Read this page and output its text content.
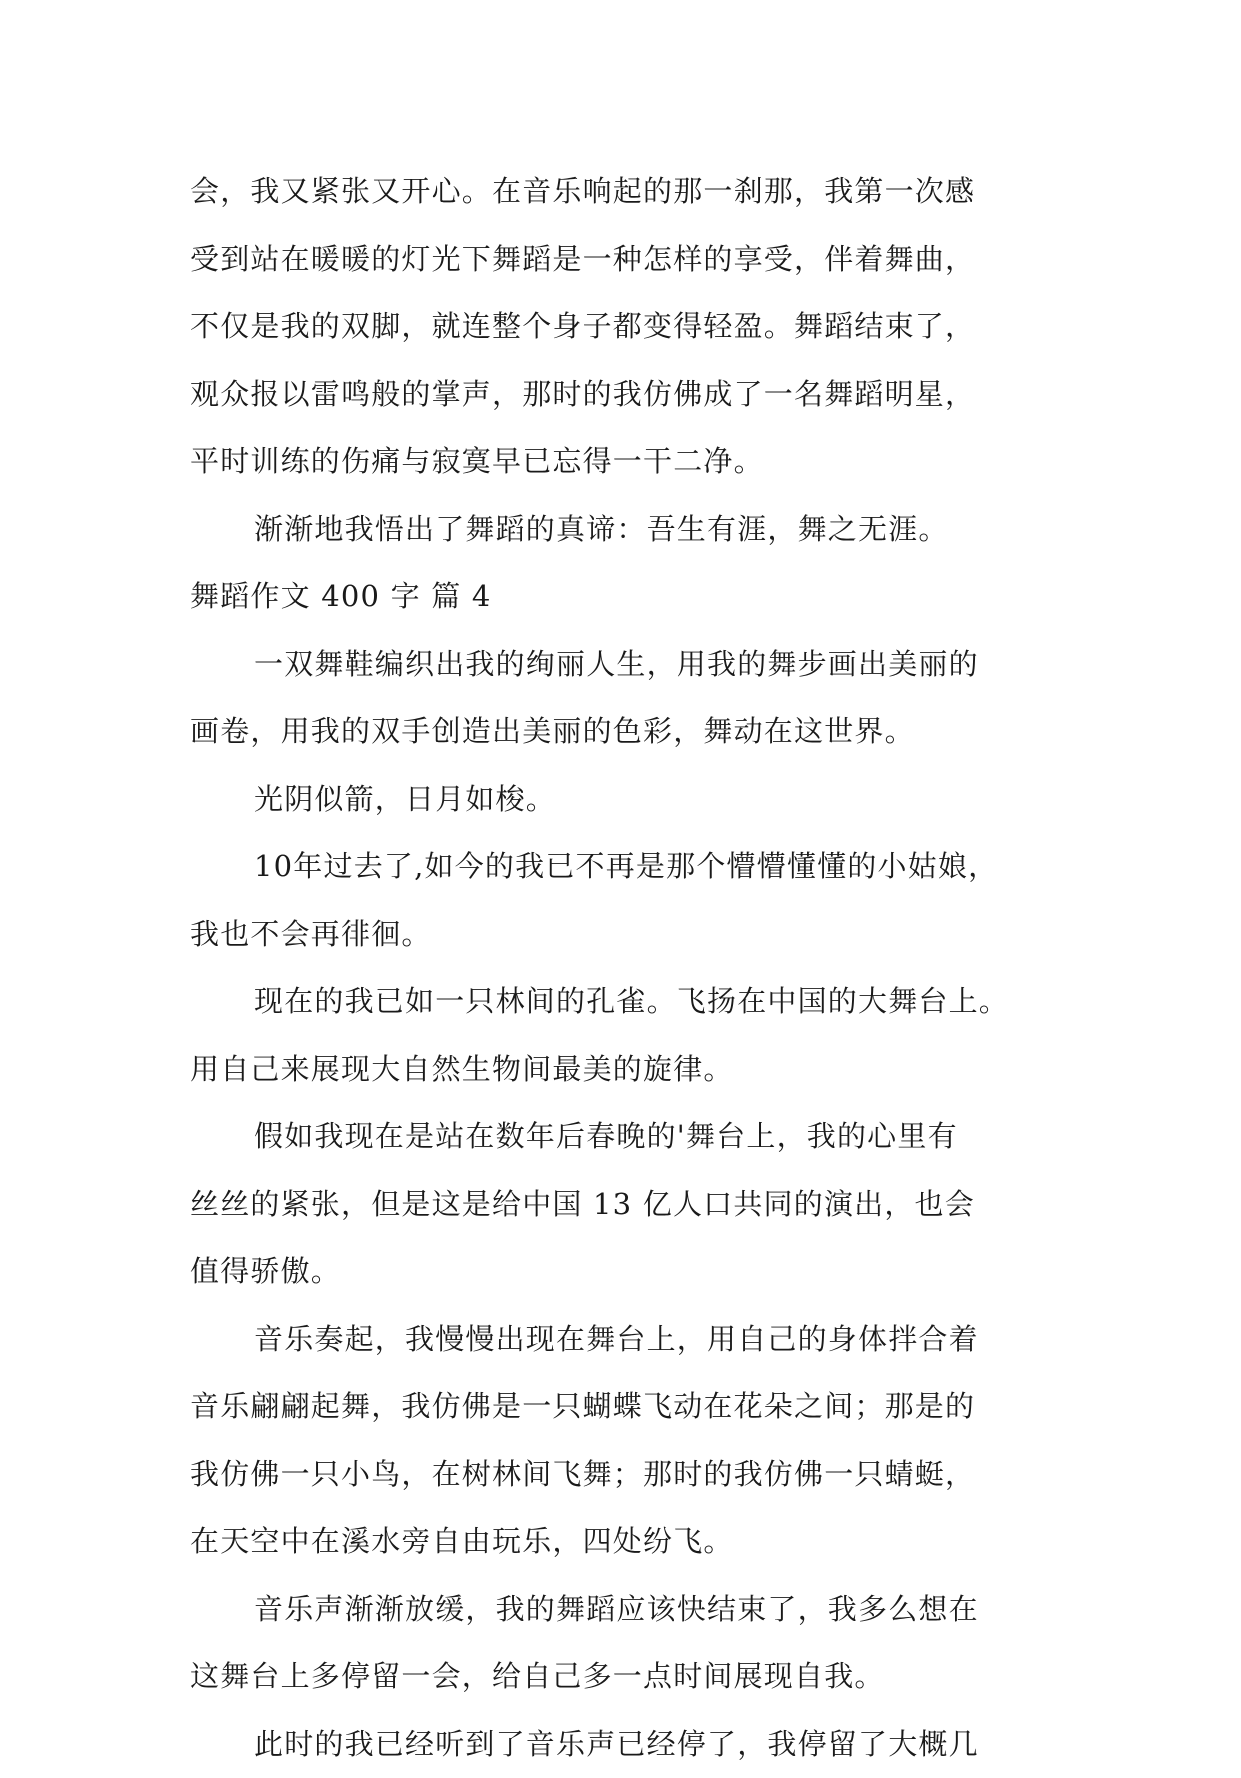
会，我又紧张又开心。在音乐响起的那一刹那，我第一次感
受到站在暖暖的灯光下舞蹈是一种怎样的享受，伴着舞曲，
不仅是我的双脚，就连整个身子都变得轻盈。舞蹈结束了，
观众报以雷鸣般的掌声，那时的我仿佛成了一名舞蹈明星，
平时训练的伤痛与寂寞早已忘得一干二净。
渐渐地我悟出了舞蹈的真谛：吾生有涯，舞之无涯。
舞蹈作文 400 字 篇 4
一双舞鞋编织出我的绚丽人生，用我的舞步画出美丽的
画卷，用我的双手创造出美丽的色彩，舞动在这世界。
光阴似箭，日月如梭。
10年过去了,如今的我已不再是那个懵懵懂懂的小姑娘，
我也不会再徘徊。
现在的我已如一只林间的孔雀。飞扬在中国的大舞台上。
用自己来展现大自然生物间最美的旋律。
假如我现在是站在数年后春晚的'舞台上，我的心里有
丝丝的紧张，但是这是给中国 13 亿人口共同的演出，也会
值得骄傲。
音乐奏起，我慢慢出现在舞台上，用自己的身体拌合着
音乐翩翩起舞，我仿佛是一只蝴蝶飞动在花朵之间；那是的
我仿佛一只小鸟，在树林间飞舞；那时的我仿佛一只蜻蜓，
在天空中在溪水旁自由玩乐，四处纷飞。
音乐声渐渐放缓，我的舞蹈应该快结束了，我多么想在
这舞台上多停留一会，给自己多一点时间展现自我。
此时的我已经听到了音乐声已经停了，我停留了大概几
